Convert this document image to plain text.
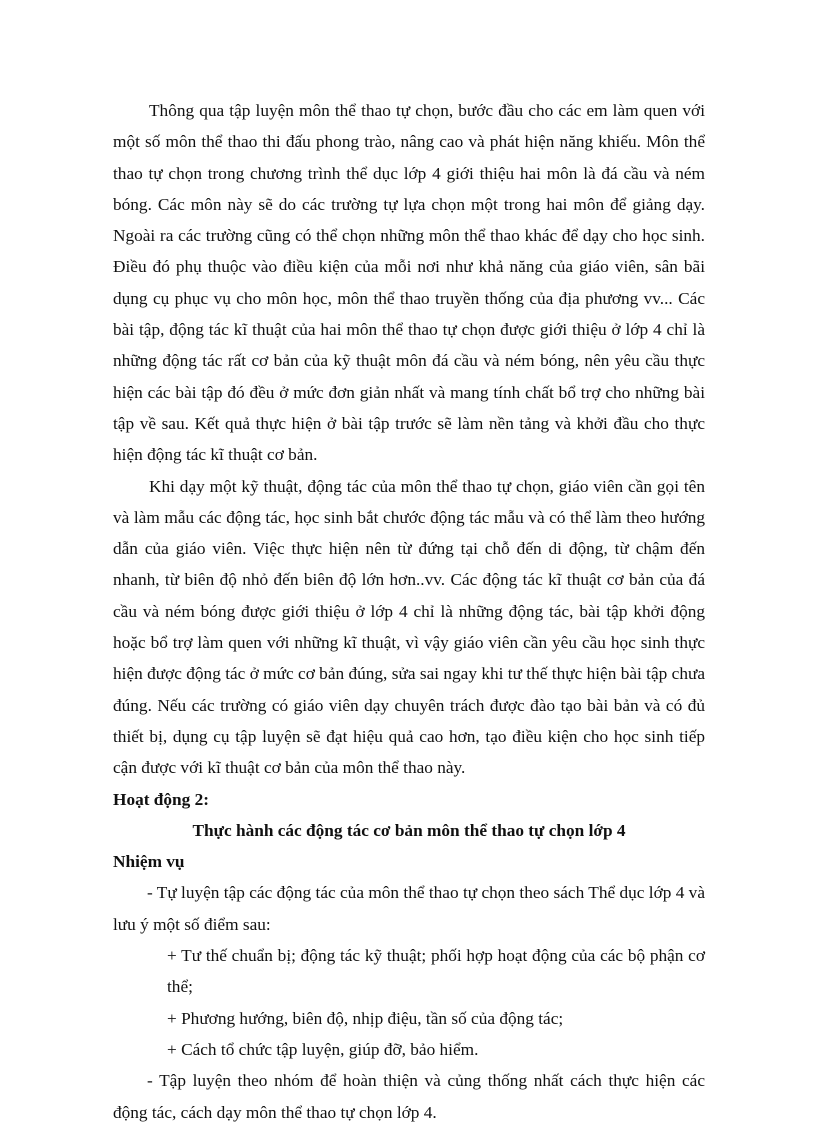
Thông qua tập luyện môn thể thao tự chọn, bước đầu cho các em làm quen với một số môn thể thao thi đấu phong trào, nâng cao và phát hiện năng khiếu. Môn thể thao tự chọn trong chương trình thể dục lớp 4 giới thiệu hai môn là đá cầu và ném bóng. Các môn này sẽ do các trường tự lựa chọn một trong hai môn để giảng dạy. Ngoài ra các trường cũng có thể chọn những môn thể thao khác để dạy cho học sinh. Điều đó phụ thuộc vào điều kiện của mỗi nơi như khả năng của giáo viên, sân bãi dụng cụ phục vụ cho môn học, môn thể thao truyền thống của địa phương vv... Các bài tập, động tác kĩ thuật của hai môn thể thao tự chọn được giới thiệu ở lớp 4 chỉ là những động tác rất cơ bản của kỹ thuật môn đá cầu và ném bóng, nên yêu cầu thực hiện các bài tập đó đều ở mức đơn giản nhất và mang tính chất bổ trợ cho những bài tập về sau. Kết quả thực hiện ở bài tập trước sẽ làm nền tảng và khởi đầu cho thực hiện động tác kĩ thuật cơ bản.

Khi dạy một kỹ thuật, động tác của môn thể thao tự chọn, giáo viên cần gọi tên và làm mẫu các động tác, học sinh bắt chước động tác mẫu và có thể làm theo hướng dẫn của giáo viên. Việc thực hiện nên từ đứng tại chỗ đến di động, từ chậm đến nhanh, từ biên độ nhỏ đến biên độ lớn hơn..vv. Các động tác kĩ thuật cơ bản của đá cầu và ném bóng được giới thiệu ở lớp 4 chỉ là những động tác, bài tập khởi động hoặc bổ trợ làm quen với những kĩ thuật, vì vậy giáo viên cần yêu cầu học sinh thực hiện được động tác ở mức cơ bản đúng, sửa sai ngay khi tư thế thực hiện bài tập chưa đúng. Nếu các trường có giáo viên dạy chuyên trách được đào tạo bài bản và có đủ thiết bị, dụng cụ tập luyện sẽ đạt hiệu quả cao hơn, tạo điều kiện cho học sinh tiếp cận được với kĩ thuật cơ bản của môn thể thao này.

Hoạt động 2:

Thực hành các động tác cơ bản môn thể thao tự chọn lớp 4

Nhiệm vụ

- Tự luyện tập các động tác của môn thể thao tự chọn theo sách Thể dục lớp 4 và lưu ý một số điểm sau:

+ Tư thế chuẩn bị; động tác kỹ thuật; phối hợp hoạt động của các bộ phận cơ thể;

+ Phương hướng, biên độ, nhịp điệu, tần số của động tác;

+ Cách tổ chức tập luyện, giúp đỡ, bảo hiểm.

- Tập luyện theo nhóm để hoàn thiện và củng thống nhất cách thực hiện các động tác, cách dạy môn thể thao tự chọn lớp 4.
